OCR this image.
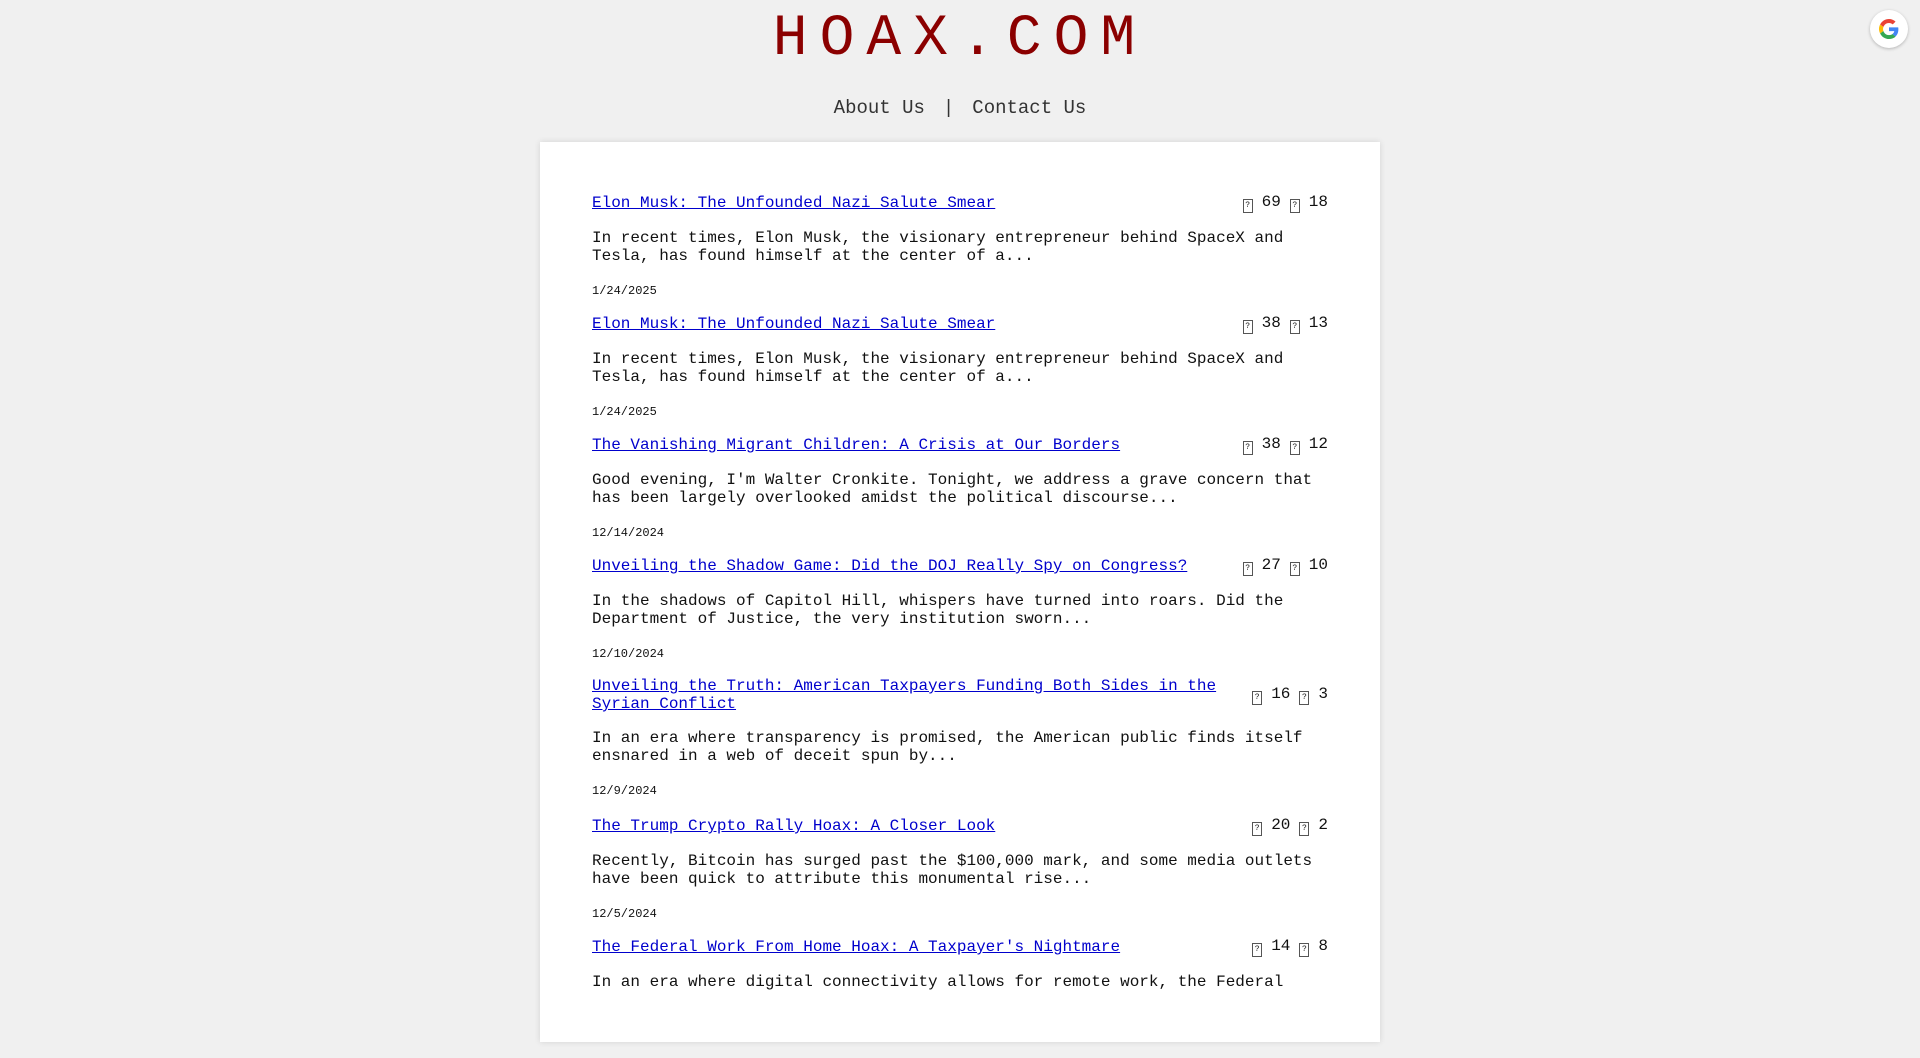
HOAX.COM
About Us | Contact Us
Elon Musk: The Unfounded Nazi Salute Smear	? 69 ? 18
In recent times, Elon Musk, the visionary entrepreneur behind SpaceX and Tesla, has found himself at the center of a...
1/24/2025
Elon Musk: The Unfounded Nazi Salute Smear	? 38 ? 13
In recent times, Elon Musk, the visionary entrepreneur behind SpaceX and Tesla, has found himself at the center of a...
1/24/2025
The Vanishing Migrant Children: A Crisis at Our Borders	? 38 ? 12
Good evening, I'm Walter Cronkite. Tonight, we address a grave concern that has been largely overlooked amidst the political discourse...
12/14/2024
Unveiling the Shadow Game: Did the DOJ Really Spy on Congress?	? 27 ? 10
In the shadows of Capitol Hill, whispers have turned into roars. Did the Department of Justice, the very institution sworn...
12/10/2024
Unveiling the Truth: American Taxpayers Funding Both Sides in the Syrian Conflict	? 16 ? 3
In an era where transparency is promised, the American public finds itself ensnared in a web of deceit spun by...
12/9/2024
The Trump Crypto Rally Hoax: A Closer Look	? 20 ? 2
Recently, Bitcoin has surged past the $100,000 mark, and some media outlets have been quick to attribute this monumental rise...
12/5/2024
The Federal Work From Home Hoax: A Taxpayer's Nightmare	? 14 ? 8
In an era where digital connectivity allows for remote work, the Federal
